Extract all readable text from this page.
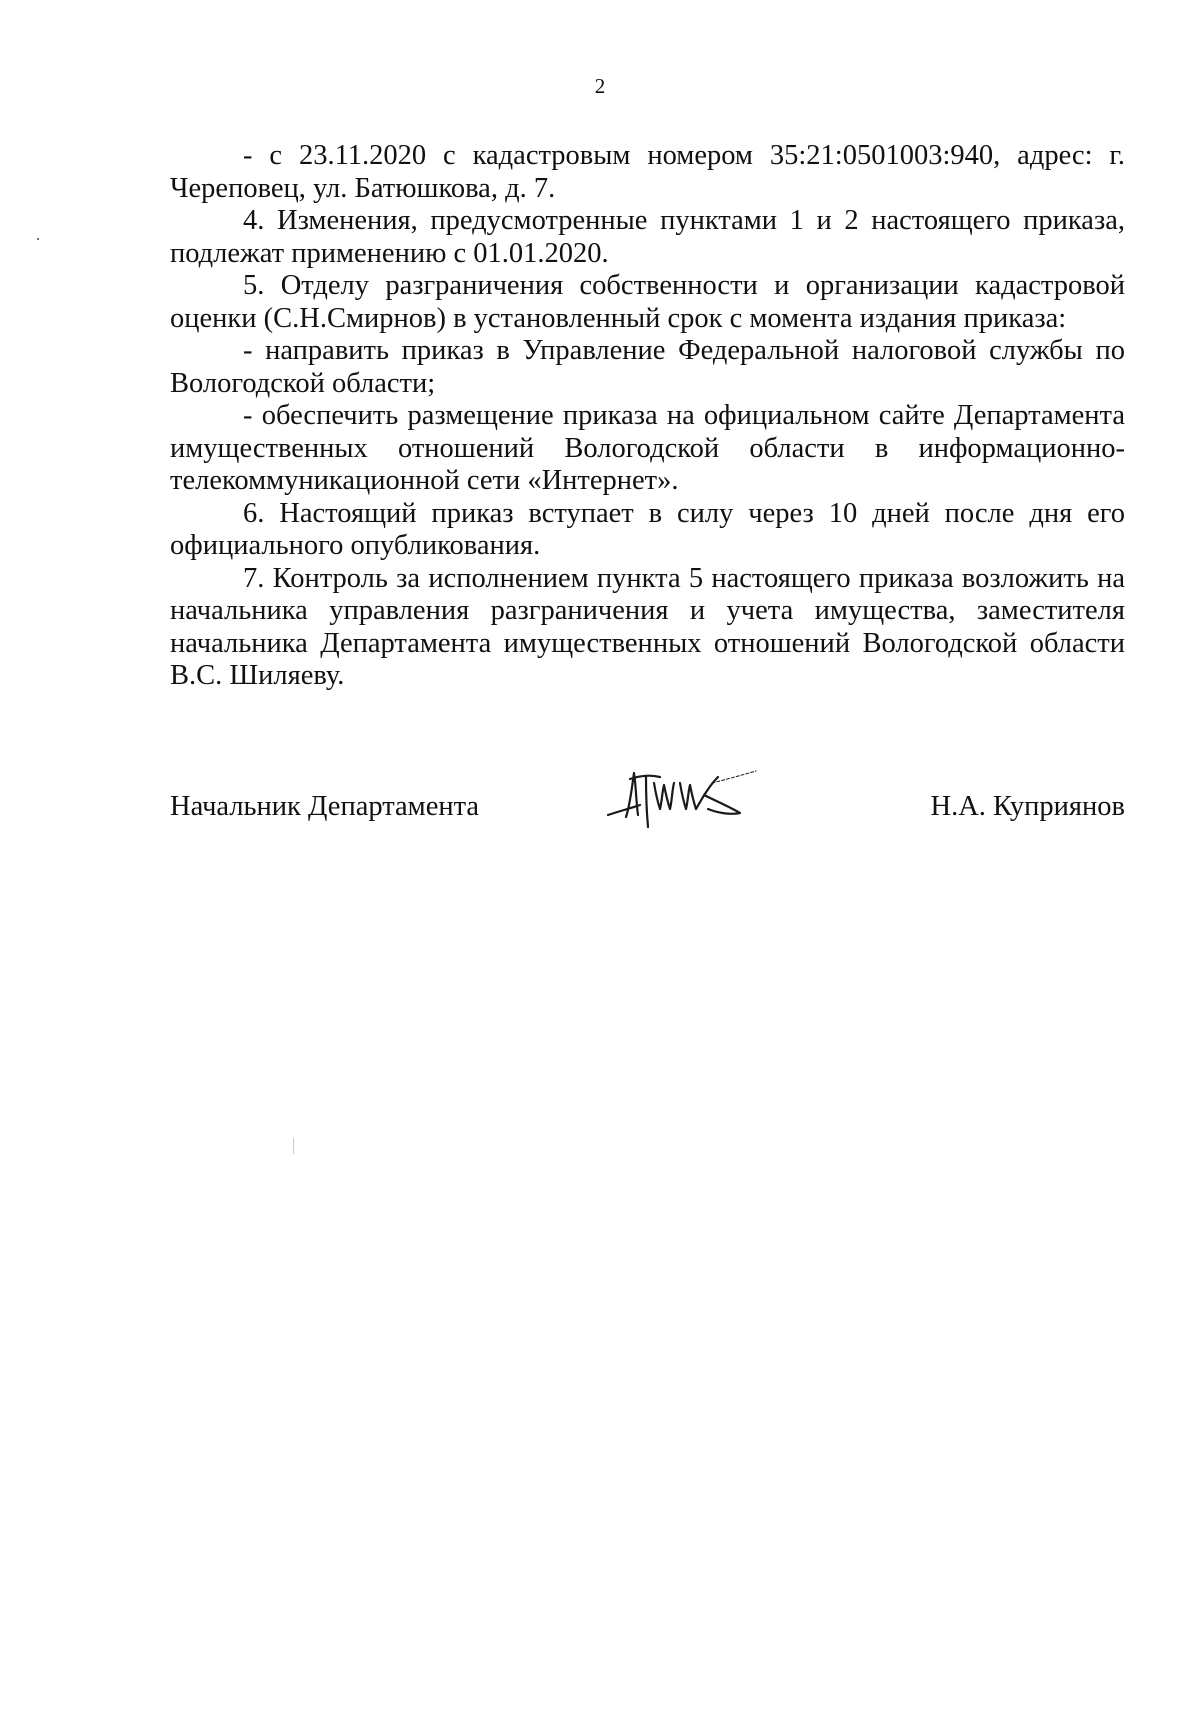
2

- с 23.11.2020 с кадастровым номером 35:21:0501003:940, адрес: г. Череповец, ул. Батюшкова, д. 7.

4. Изменения, предусмотренные пунктами 1 и 2 настоящего приказа, подлежат применению с 01.01.2020.

5. Отделу разграничения собственности и организации кадастровой оценки (С.Н.Смирнов) в установленный срок с момента издания приказа:

- направить приказ в Управление Федеральной налоговой службы по Вологодской области;

- обеспечить размещение приказа на официальном сайте Департамента имущественных отношений Вологодской области в информационно-телекоммуникационной сети «Интернет».

6. Настоящий приказ вступает в силу через 10 дней после дня его официального опубликования.

7. Контроль за исполнением пункта 5 настоящего приказа возложить на начальника управления разграничения и учета имущества, заместителя начальника Департамента имущественных отношений Вологодской области В.С. Шиляеву.

Начальник Департамента	Н.А. Куприянов
